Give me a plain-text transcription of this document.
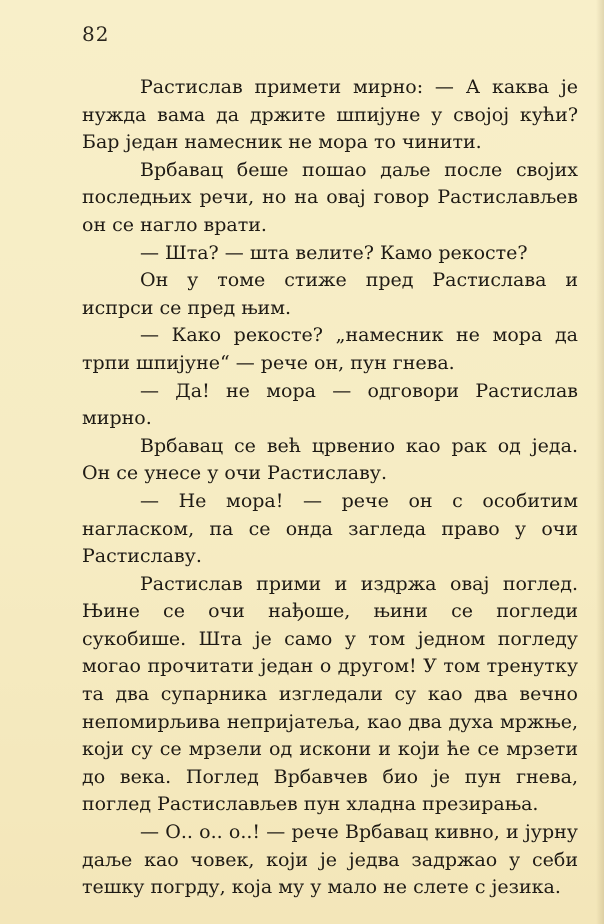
82

Растислав примети мирно: — А каква је нужда вама да држите шпијуне у својој кући? Бар један намесник не мора то чинити.

Врбавац беше пошао даље после својих последњих речи, но на овај говор Растислављев он се нагло врати.

— Шта? — шта велите? Камо рекосте?

Он у томе стиже пред Растислава и испрси се пред њим.

— Како рекосте? „намесник не мора да трпи шпијуне“ — рече он, пун гнева.

— Да! не мора — одговори Растислав мирно.

Врбавац се већ црвенио као рак од једа. Он се унесе у очи Растиславу.

— Не мора! — рече он с особитим нагласком, па се онда загледа право у очи Растиславу.

Растислав прими и издржа овај поглед. Њине се очи нађоше, њини се погледи сукобише. Шта је само у том једном погледу могао прочитати један о другом! У том тренутку та два супарника изгледали су као два вечно непомирљива непријатеља, као два духа мржње, који су се мрзели од искони и који ће се мрзети до века. Поглед Врбавчев био је пун гнева, поглед Растислављев пун хладна презирања.

— О.. о.. о..! — рече Врбавац кивно, и јурну даље као човек, који је једва задржао у себи тешку погрду, која му у мало не слете с језика.
